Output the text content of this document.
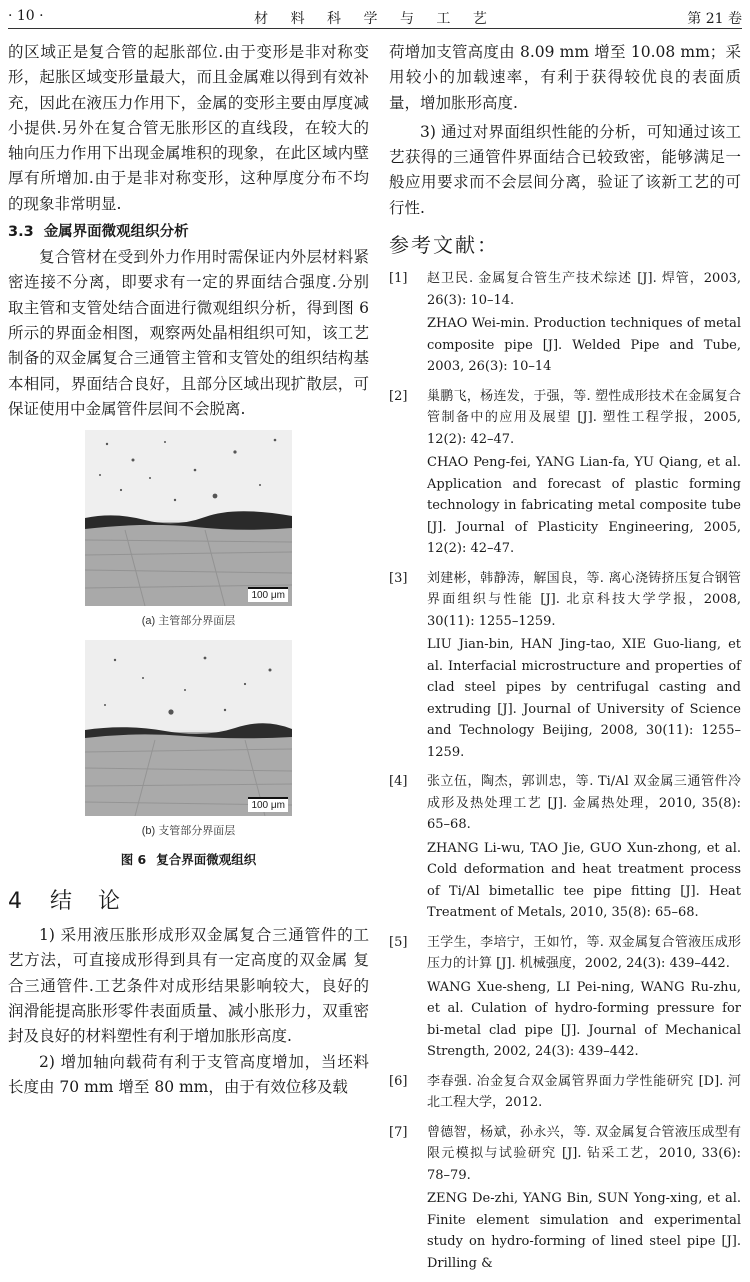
· 10 ·	材 料 科 学 与 工 艺	第 21 卷

的区域正是复合管的起胀部位.由于变形是非对称变形，起胀区域变形量最大，而且金属难以得到有效补充，因此在液压力作用下，金属的变形主要由厚度减小提供.另外在复合管无胀形区的直线段，在较大的轴向压力作用下出现金属堆积的现象，在此区域内壁厚有所增加.由于是非对称变形，这种厚度分布不均的现象非常明显.

3.3 金属界面微观组织分析

复合管材在受到外力作用时需保证内外层材料紧密连接不分离，即要求有一定的界面结合强度.分别取主管和支管处结合面进行微观组织分析，得到图 6 所示的界面金相图，观察两处晶相组织可知，该工艺制备的双金属复合三通管主管和支管处的组织结构基本相同，界面结合良好，且部分区域出现扩散层，可保证使用中金属管件层间不会脱离.

100 μm
(a) 主管部分界面层
100 μm
(b) 支管部分界面层
图 6 复合界面微观组织
4 结　论

1) 采用液压胀形成形双金属复合三通管件的工艺方法，可直接成形得到具有一定高度的双金属 复合三通管件.工艺条件对成形结果影响较大，良好的润滑能提高胀形零件表面质量、减小胀形力，双重密封及良好的材料塑性有利于增加胀形高度.

2) 增加轴向载荷有利于支管高度增加，当坯料长度由 70 mm 增至 80 mm，由于有效位移及载

荷增加支管高度由 8.09 mm 增至 10.08 mm；采用较小的加载速率，有利于获得较优良的表面质量，增加胀形高度.

3) 通过对界面组织性能的分析，可知通过该工艺获得的三通管件界面结合已较致密，能够满足一般应用要求而不会层间分离，验证了该新工艺的可行性.

参考文献：
[1]	赵卫民. 金属复合管生产技术综述 [J]. 焊管，2003, 26(3): 10–14.
ZHAO Wei-min. Production techniques of metal composite pipe [J]. Welded Pipe and Tube, 2003, 26(3): 10–14
[2]	巢鹏飞，杨连发，于强，等. 塑性成形技术在金属复合管制备中的应用及展望 [J]. 塑性工程学报，2005, 12(2): 42–47.
CHAO Peng-fei, YANG Lian-fa, YU Qiang, et al. Application and forecast of plastic forming technology in fabricating metal composite tube [J]. Journal of Plasticity Engineering, 2005, 12(2): 42–47.
[3]	刘建彬，韩静涛，解国良，等. 离心浇铸挤压复合钢管界面组织与性能 [J]. 北京科技大学学报，2008, 30(11): 1255–1259.
LIU Jian-bin, HAN Jing-tao, XIE Guo-liang, et al. Interfacial microstructure and properties of clad steel pipes by centrifugal casting and extruding [J]. Journal of University of Science and Technology Beijing, 2008, 30(11): 1255–1259.
[4]	张立伍，陶杰，郭训忠，等. Ti/Al 双金属三通管件冷成形及热处理工艺 [J]. 金属热处理，2010, 35(8): 65–68.
ZHANG Li-wu, TAO Jie, GUO Xun-zhong, et al. Cold deformation and heat treatment process of Ti/Al bimetallic tee pipe fitting [J]. Heat Treatment of Metals, 2010, 35(8): 65–68.
[5]	王学生，李培宁，王如竹，等. 双金属复合管液压成形压力的计算 [J]. 机械强度，2002, 24(3): 439–442.
WANG Xue-sheng, LI Pei-ning, WANG Ru-zhu, et al. Culation of hydro-forming pressure for bi-metal clad pipe [J]. Journal of Mechanical Strength, 2002, 24(3): 439–442.
[6]	李春强. 冶金复合双金属管界面力学性能研究 [D]. 河北工程大学，2012.
[7]	曾德智，杨斌，孙永兴，等. 双金属复合管液压成型有限元模拟与试验研究 [J]. 钻采工艺，2010, 33(6): 78–79.
ZENG De-zhi, YANG Bin, SUN Yong-xing, et al. Finite element simulation and experimental study on hydro-forming of lined steel pipe [J]. Drilling &
